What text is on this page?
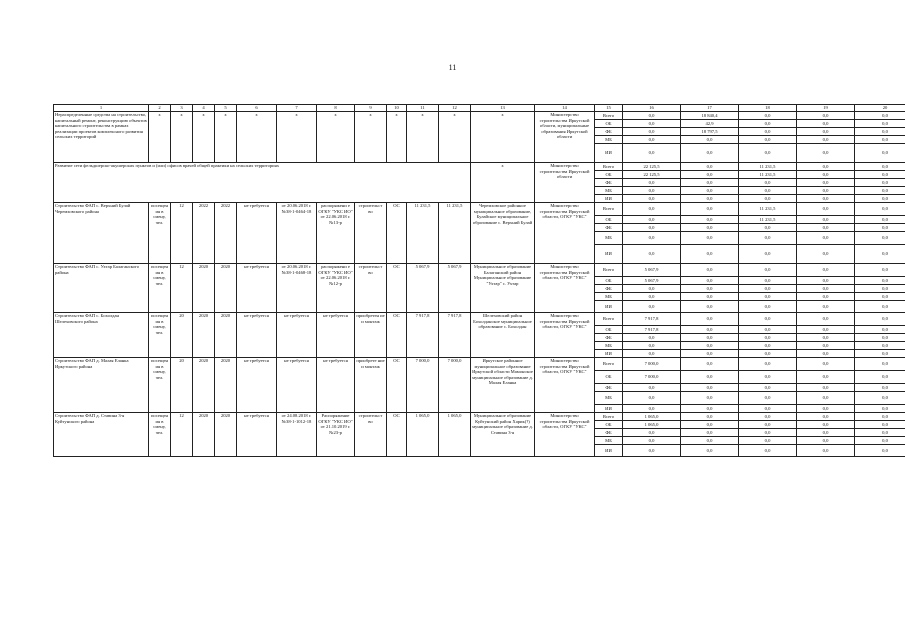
11
1	2	3	4	5	6	7	8	9	10	11	12	13	14	15	16	17	18	19	20
Нераспределенные средства на строительство, капитальный ремонт, реконструкцию объектов капитального строительства в рамках реализации проектов комплексного развития сельских территорий	х	х	х	х	х	х	х	х	х	х	х	х	Министерство строительства Иркутской области, муниципальные образования Иркутской области	Всего	0,0	18 840,4	0,0	0,0	0,0
														ОБ	0,0	42,9	0,0	0,0	0,0
														ФБ	0,0	18 797,5	0,0	0,0	0,0
														МБ	0,0	0,0	0,0	0,0	0,0
														ИИ	0,0	0,0	0,0	0,0	0,0
Развитие сети фельдшерско-акушерских пунктов и (или) офисов врачей общей практики на сельских территориях												х	Министерство строительства Иркутской области	Всего	22 125,5	0,0	11 231,5	0,0	0,0
														ОБ	22 125,5	0,0	11 231,5	0,0	0,0
														ФБ	0,0	0,0	0,0	0,0	0,0
														МБ	0,0	0,0	0,0	0,0	0,0
														ИИ	0,0	0,0	0,0	0,0	0,0
Строительство ФАП с. Верхний Булай Черемховского района	посещен ия в смену, чел.	12	2022	2022	не требуется	от 20.06.2018 г. №38-1-0464-18	распоряжени е ОГКУ "УКС ИО" от 22.06.2018 г. №13-р	строительст во	ОС	11 231,5	11 231,5	Черемховское районное муниципальное образование, Булайское муниципальное образование с. Верхний Булай	Министерство строительства Иркутской области, ОГКУ "УКС"	Всего	0,0	0,0	11 231,5	0,0	0,0
														ОБ	0,0	0,0	11 231,5	0,0	0,0
														ФБ	0,0	0,0	0,0	0,0	0,0
														МБ	0,0	0,0	0,0	0,0	0,0
														ИИ	0,0	0,0	0,0	0,0	0,0
Строительство ФАП с. Ухтар Балаганского района	посещен ия в смену, чел.	12	2020	2020	не требуется	от 20.06.2018 г. №38-1-0468-18	распоряжени е ОГКУ "УКС ИО" от 22.06.2018 г. №12-р	строительст во	ОС	5 067,9	5 067,9	Муниципальное образование Балаганский район Муниципальное образование "Ухтар" с. Ухтар	Министерство строительства Иркутской области, ОГКУ "УКС"	Всего	5 067,9	0,0	0,0	0,0	0,0
														ОБ	5 067,9	0,0	0,0	0,0	0,0
														ФБ	0,0	0,0	0,0	0,0	0,0
														МБ	0,0	0,0	0,0	0,0	0,0
														ИИ	0,0	0,0	0,0	0,0	0,0
Строительство ФАП с. Бохолдан Шелеховского района	посещен ия в смену, чел.	20	2020	2020	не требуется	не требуется	не требуется	приобретен ие и монтаж	ОС	7 917,8	7 917,8	Шелеховский район Бохолданское муниципальное образование с. Бохолдан	Министерство строительства Иркутской области, ОГКУ "УКС"	Всего	7 917,8	0,0	0,0	0,0	0,0
														ОБ	7 917,8	0,0	0,0	0,0	0,0
														ФБ	0,0	0,0	0,0	0,0	0,0
														МБ	0,0	0,0	0,0	0,0	0,0
														ИИ	0,0	0,0	0,0	0,0	0,0
Строительство ФАП д. Малая Еланка Иркутского района	посещен ия в смену, чел.	20	2020	2020	не требуется	не требуется	не требуется	приобрете ние и монтаж	ОС	7 000,0	7 000,0	Иркутское районное муниципальное образование Иркутской области Мамонское муниципальное образование д. Малая Еланка	Министерство строительства Иркутской области, ОГКУ "УКС"	Всего	7 000,0	0,0	0,0	0,0	0,0
														ОБ	7 000,0	0,0	0,0	0,0	0,0
														ФБ	0,0	0,0	0,0	0,0	0,0
														МБ	0,0	0,0	0,0	0,0	0,0
														ИИ	0,0	0,0	0,0	0,0	0,0
Строительство ФАП д. Ставина 3-я Куйтунского района	посещен ия в смену, чел.	12	2020	2020	не требуется	от 24.08.2018 г. №38-1-1012-18	Распоряжение ОГКУ "УКС ИО" от 21.10.2019 г. №23-р	строительст во	ОС	1 065,0	1 065,0	Муниципальное образование Куйтунский район Харик(?) муниципальное образование д. Ставина 3-я	Министерство строительства Иркутской области, ОГКУ "УКС"	Всего	1 065,0	0,0	0,0	0,0	0,0
														ОБ	1 065,0	0,0	0,0	0,0	0,0
														ФБ	0,0	0,0	0,0	0,0	0,0
														МБ	0,0	0,0	0,0	0,0	0,0
														ИИ	0,0	0,0	0,0	0,0	0,0
